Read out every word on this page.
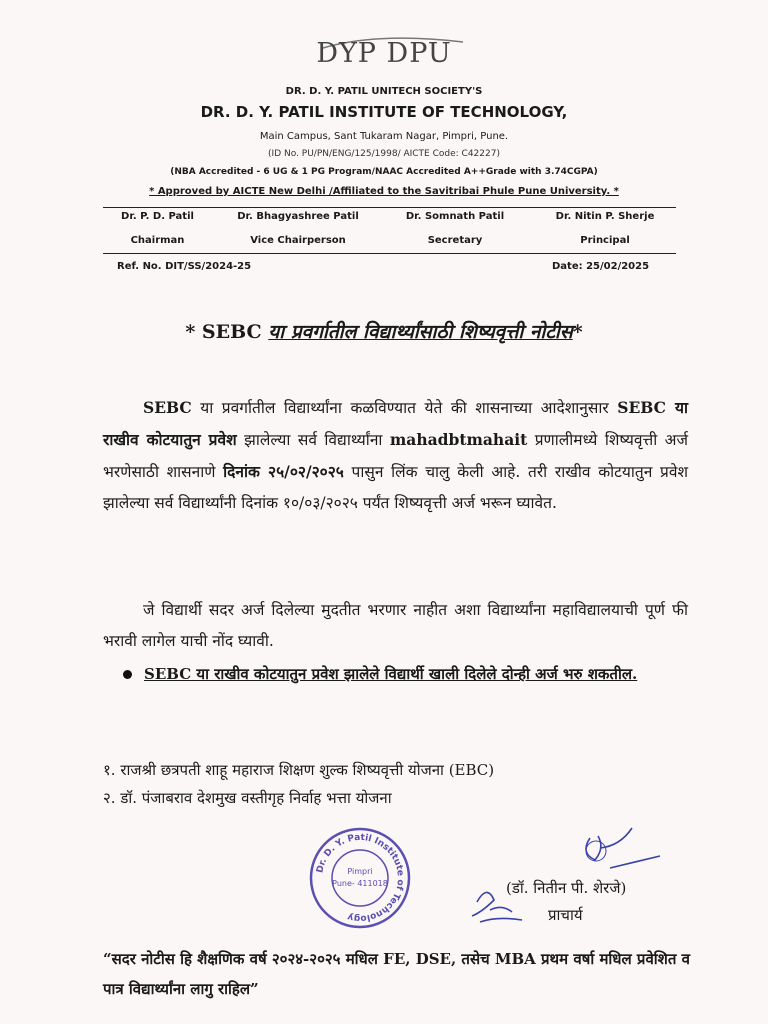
DYP DPU
DR. D. Y. PATIL UNITECH SOCIETY'S
DR. D. Y. PATIL INSTITUTE OF TECHNOLOGY,
Main Campus, Sant Tukaram Nagar, Pimpri, Pune.
(ID No. PU/PN/ENG/125/1998/ AICTE Code: C42227)
(NBA Accredited - 6 UG & 1 PG Program/NAAC Accredited A++Grade with 3.74CGPA)
* Approved by AICTE New Delhi /Affiliated to the Savitribai Phule Pune University. *
Dr. P. D. Patil
Chairman
Dr. Bhagyashree Patil
Vice Chairperson
Dr. Somnath Patil
Secretary
Dr. Nitin P. Sherje
Principal
Ref. No. DIT/SS/2024-25	Date: 25/02/2025
* SEBC या प्रवर्गातील विद्यार्थ्यांसाठी शिष्यवृत्ती नोटीस*
SEBC या प्रवर्गातील विद्यार्थ्यांना कळविण्यात येते की शासनाच्या आदेशानुसार SEBC या राखीव कोटयातुन प्रवेश झालेल्या सर्व विद्यार्थ्यांना mahadbtmahait प्रणालीमध्ये शिष्यवृत्ती अर्ज भरणेसाठी शासनाणे दिनांक २५/०२/२०२५ पासुन लिंक चालु केली आहे. तरी राखीव कोटयातुन प्रवेश झालेल्या सर्व विद्यार्थ्यांनी दिनांक १०/०३/२०२५ पर्यंत शिष्यवृत्ती अर्ज भरून घ्यावेत.
जे विद्यार्थी सदर अर्ज दिलेल्या मुदतीत भरणार नाहीत अशा विद्यार्थ्यांना महाविद्यालयाची पूर्ण फी भरावी लागेल याची नोंद घ्यावी.
SEBC या राखीव कोटयातुन प्रवेश झालेले विद्यार्थी खाली दिलेले दोन्ही अर्ज भरु शकतील.
१. राजश्री छत्रपती शाहू महाराज शिक्षण शुल्क शिष्यवृत्ती योजना (EBC)
२. डॉ. पंजाबराव देशमुख वस्तीगृह निर्वाह भत्ता योजना
Dr. D. Y. Patil Institute of Technology
Pimpri
Pune- 411018	(डॉ. नितीन पी. शेरजे)
प्राचार्य
“सदर नोटीस हि शैक्षणिक वर्ष २०२४-२०२५ मधिल FE, DSE, तसेच MBA प्रथम वर्षा मधिल प्रवेशित व पात्र विद्यार्थ्यांना लागु राहिल”
